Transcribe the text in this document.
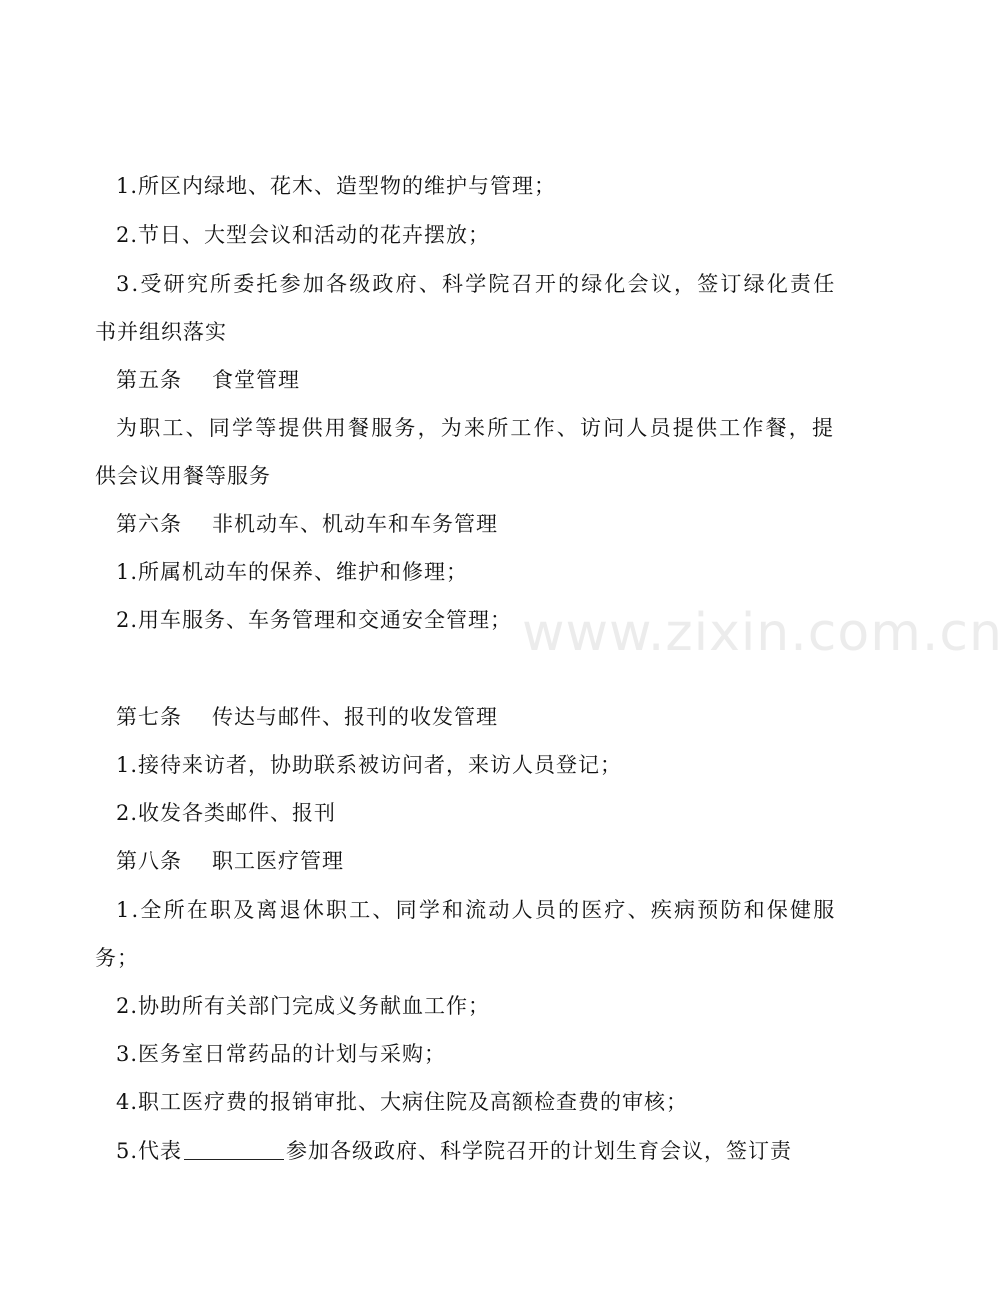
1.所区内绿地、花木、造型物的维护与管理；
2.节日、大型会议和活动的花卉摆放；
3.受研究所委托参加各级政府、科学院召开的绿化会议，签订绿化责任
书并组织落实
第五条 食堂管理
为职工、同学等提供用餐服务，为来所工作、访问人员提供工作餐，提
供会议用餐等服务
第六条 非机动车、机动车和车务管理
1.所属机动车的保养、维护和修理；
2.用车服务、车务管理和交通安全管理； www.zixin.com.cn
第七条 传达与邮件、报刊的收发管理
1.接待来访者，协助联系被访问者，来访人员登记；
2.收发各类邮件、报刊
第八条 职工医疗管理
1.全所在职及离退休职工、同学和流动人员的医疗、疾病预防和保健服
务；
2.协助所有关部门完成义务献血工作；
3.医务室日常药品的计划与采购；
4.职工医疗费的报销审批、大病住院及高额检查费的审核；
5.代表	参加各级政府、科学院召开的计划生育会议，签订责
